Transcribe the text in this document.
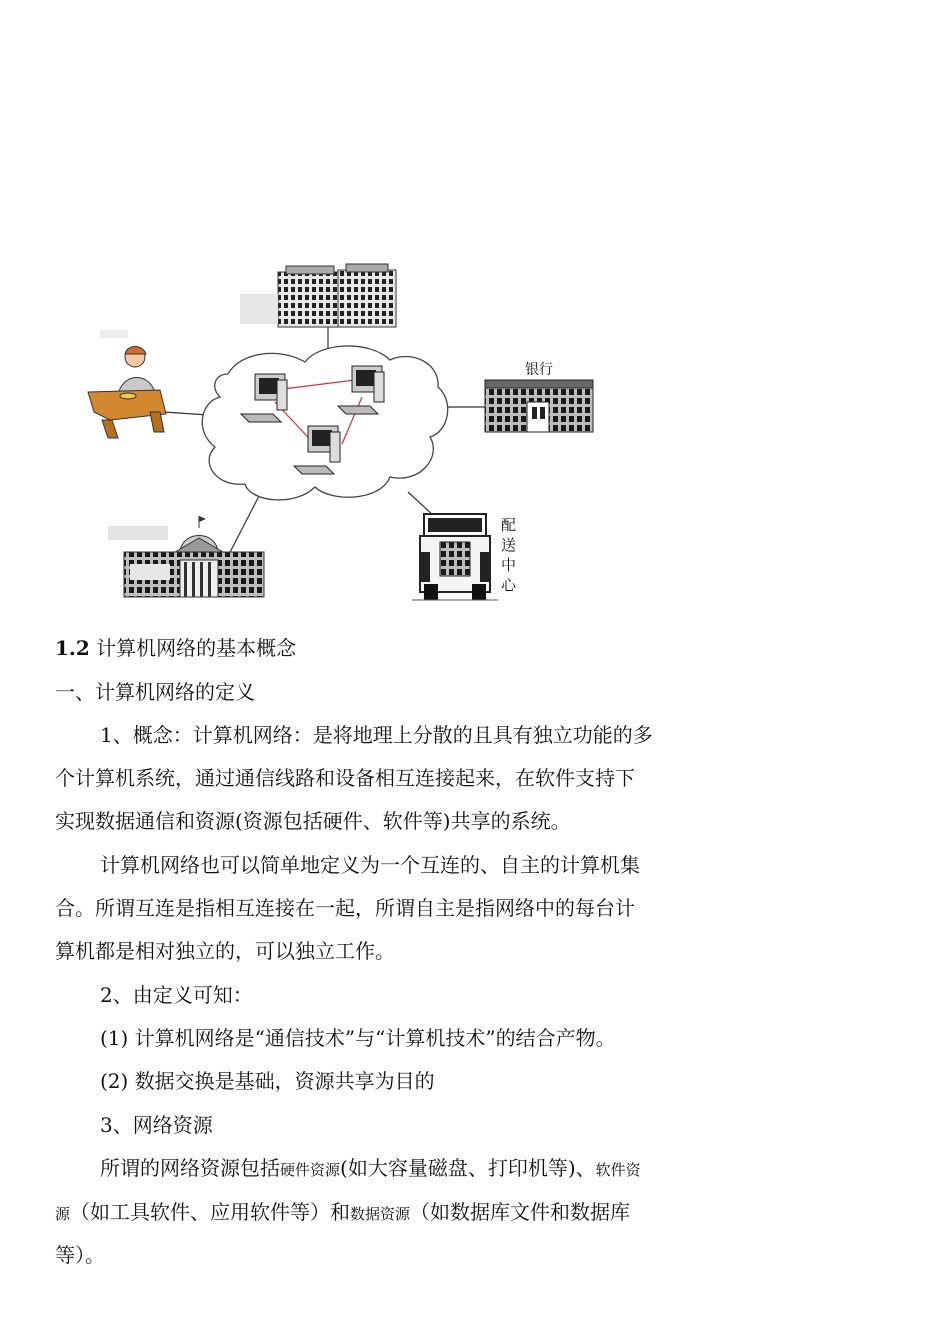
银行
配
送
中
心
1.2 计算机网络的基本概念
一、计算机网络的定义
1、概念：计算机网络：是将地理上分散的且具有独立功能的多
个计算机系统，通过通信线路和设备相互连接起来，在软件支持下
实现数据通信和资源(资源包括硬件、软件等)共享的系统。
计算机网络也可以简单地定义为一个互连的、自主的计算机集
合。所谓互连是指相互连接在一起，所谓自主是指网络中的每台计
算机都是相对独立的，可以独立工作。
2、由定义可知：
(1) 计算机网络是“通信技术”与“计算机技术”的结合产物。
(2) 数据交换是基础，资源共享为目的
3、网络资源
所谓的网络资源包括硬件资源(如大容量磁盘、打印机等)、软件资
源（如工具软件、应用软件等）和数据资源（如数据库文件和数据库
等）。
